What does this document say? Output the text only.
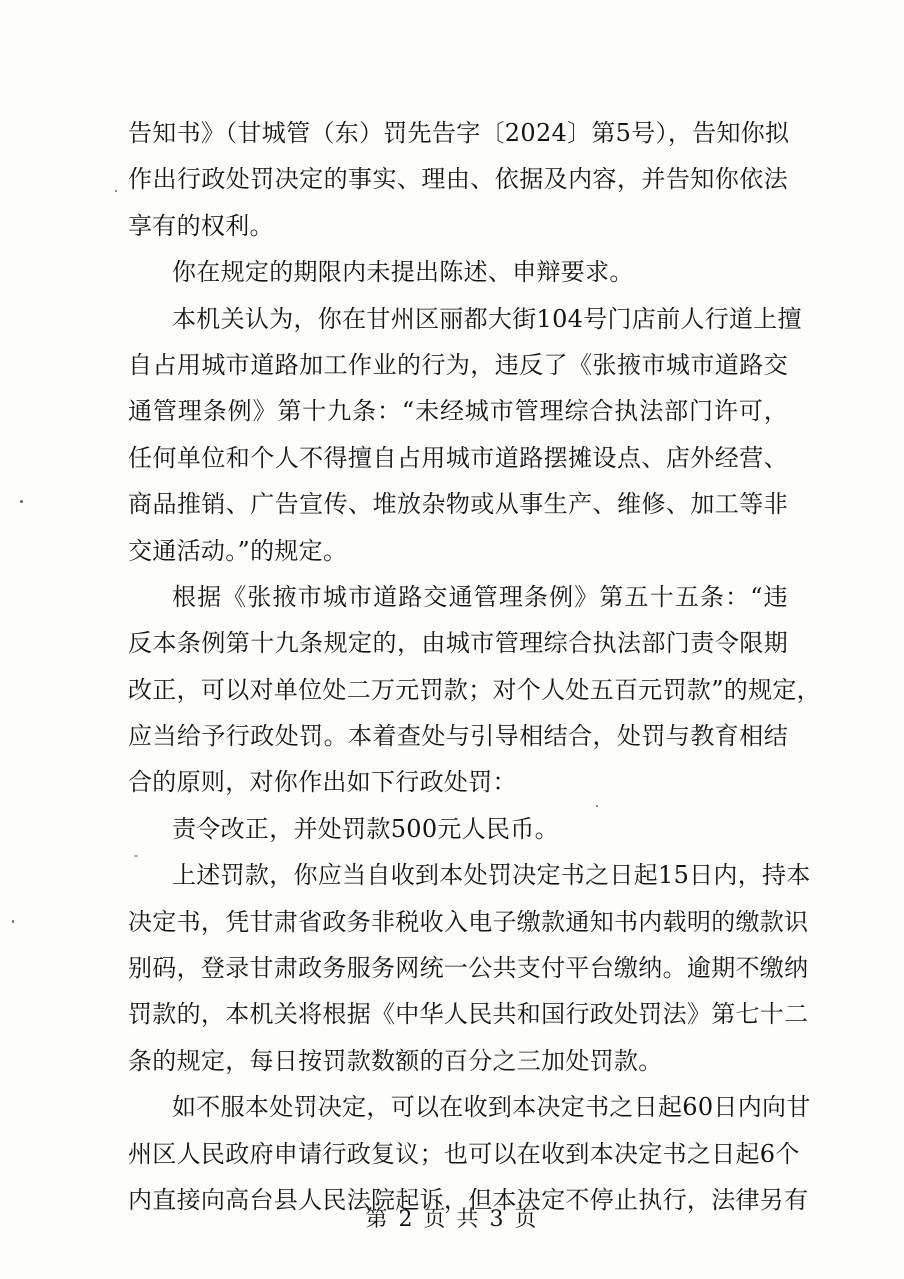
告知书》（甘城管（东）罚先告字〔2024〕第5号），告知你拟
作出行政处罚决定的事实、理由、依据及内容，并告知你依法
享有的权利。
你在规定的期限内未提出陈述、申辩要求。
本机关认为，你在甘州区丽都大街104号门店前人行道上擅
自占用城市道路加工作业的行为，违反了《张掖市城市道路交
通管理条例》第十九条：“未经城市管理综合执法部门许可，
任何单位和个人不得擅自占用城市道路摆摊设点、店外经营、
商品推销、广告宣传、堆放杂物或从事生产、维修、加工等非
交通活动。”的规定。
根据《张掖市城市道路交通管理条例》第五十五条：“违
反本条例第十九条规定的，由城市管理综合执法部门责令限期
改正，可以对单位处二万元罚款；对个人处五百元罚款”的规定，
应当给予行政处罚。本着查处与引导相结合，处罚与教育相结
合的原则，对你作出如下行政处罚：
责令改正，并处罚款500元人民币。
上述罚款，你应当自收到本处罚决定书之日起15日内，持本
决定书，凭甘肃省政务非税收入电子缴款通知书内载明的缴款识
别码，登录甘肃政务服务网统一公共支付平台缴纳。逾期不缴纳
罚款的，本机关将根据《中华人民共和国行政处罚法》第七十二
条的规定，每日按罚款数额的百分之三加处罚款。
如不服本处罚决定，可以在收到本决定书之日起60日内向甘
州区人民政府申请行政复议；也可以在收到本决定书之日起6个
内直接向高台县人民法院起诉，但本决定不停止执行，法律另有
第 2 页 共 3 页
